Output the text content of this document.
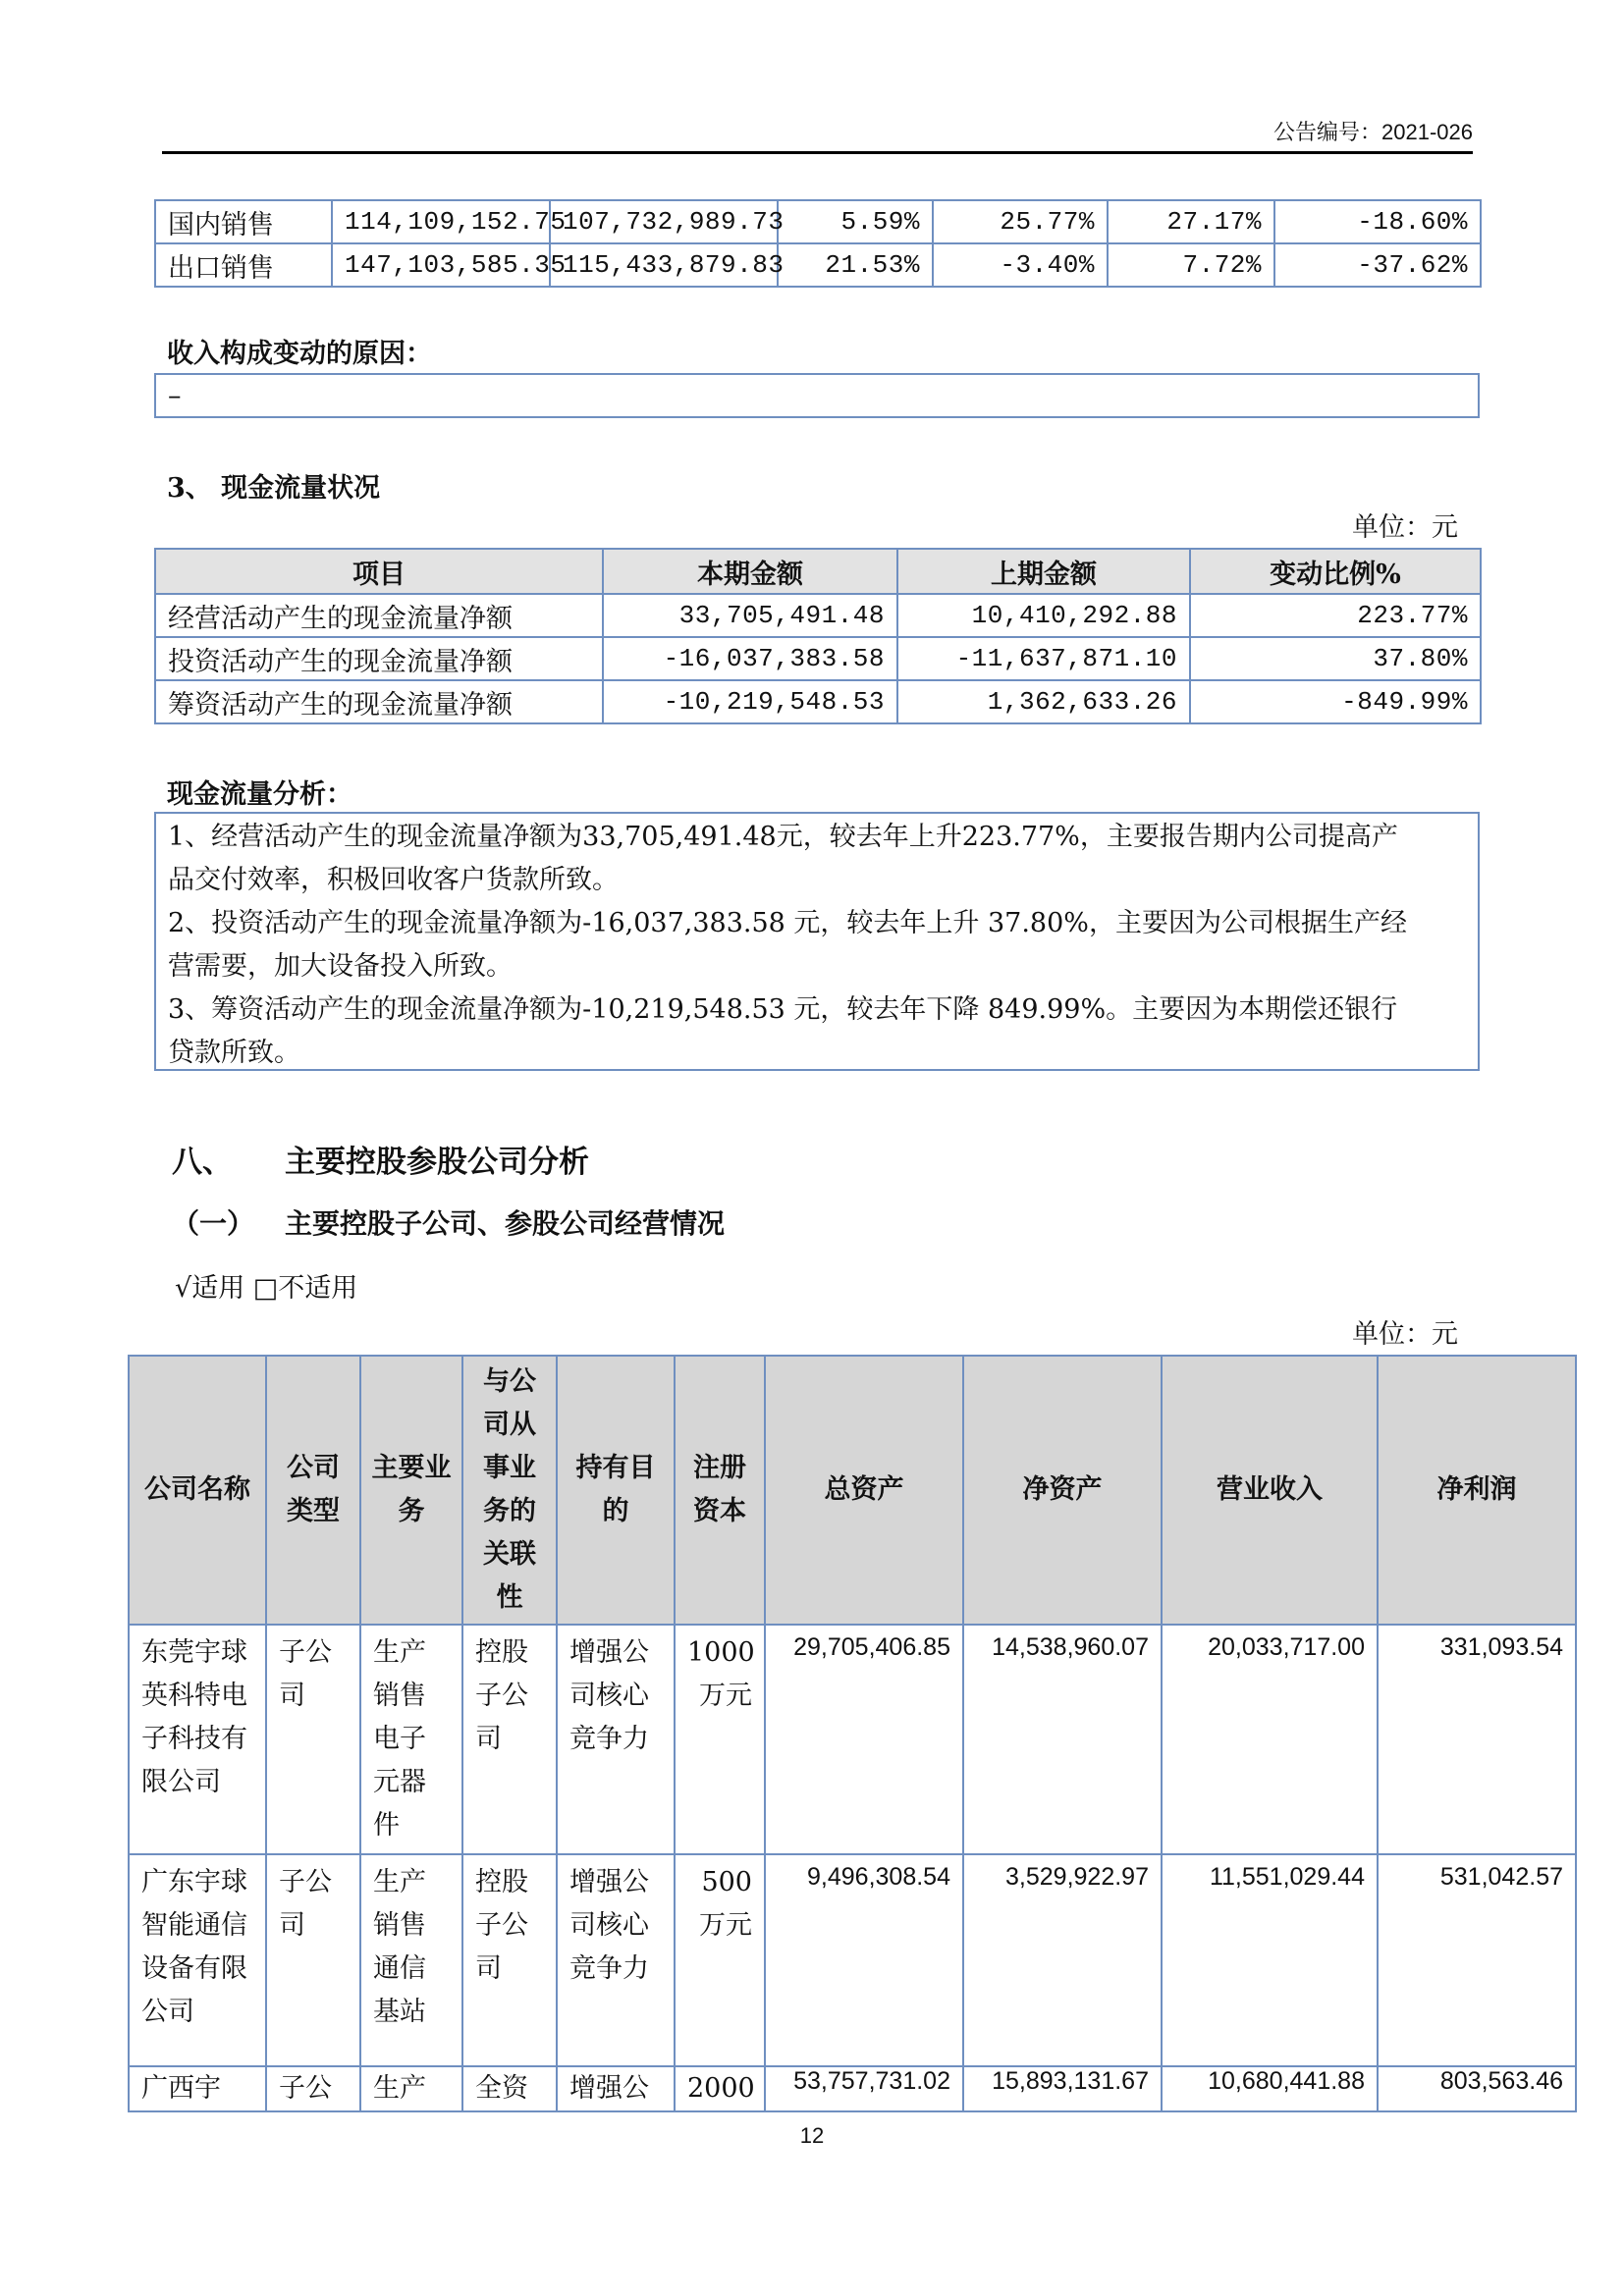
公告编号：2021-026
国内销售	114,109,152.75	107,732,989.73	5.59%	25.77%	27.17%	-18.60%
出口销售	147,103,585.35	115,433,879.83	21.53%	-3.40%	7.72%	-37.62%
收入构成变动的原因：
–
3、 现金流量状况
单位：元
项目	本期金额	上期金额	变动比例%
经营活动产生的现金流量净额	33,705,491.48	10,410,292.88	223.77%
投资活动产生的现金流量净额	-16,037,383.58	-11,637,871.10	37.80%
筹资活动产生的现金流量净额	-10,219,548.53	1,362,633.26	-849.99%
现金流量分析：
1、经营活动产生的现金流量净额为33,705,491.48元，较去年上升223.77%，主要报告期内公司提高产
品交付效率，积极回收客户货款所致。
2、投资活动产生的现金流量净额为-16,037,383.58 元，较去年上升 37.80%，主要因为公司根据生产经
营需要，加大设备投入所致。
3、筹资活动产生的现金流量净额为-10,219,548.53 元，较去年下降 849.99%。主要因为本期偿还银行
贷款所致。
八、 主要控股参股公司分析
（一） 主要控股子公司、参股公司经营情况
√适用 □不适用
单位：元
公司名称	公司类型	主要业务	与公司从事业务的关联性	持有目的	注册资本	总资产	净资产	营业收入	净利润
东莞宇球英科特电子科技有限公司	子公司	生产销售电子元器件	控股子公司	增强公司核心竞争力	1000万元	29,705,406.85	14,538,960.07	20,033,717.00	331,093.54
广东宇球智能通信设备有限公司	子公司	生产销售通信基站	控股子公司	增强公司核心竞争力	500万元	9,496,308.54	3,529,922.97	11,551,029.44	531,042.57
广西宇	子公	生产	全资	增强公	2000	53,757,731.02	15,893,131.67	10,680,441.88	803,563.46
12
